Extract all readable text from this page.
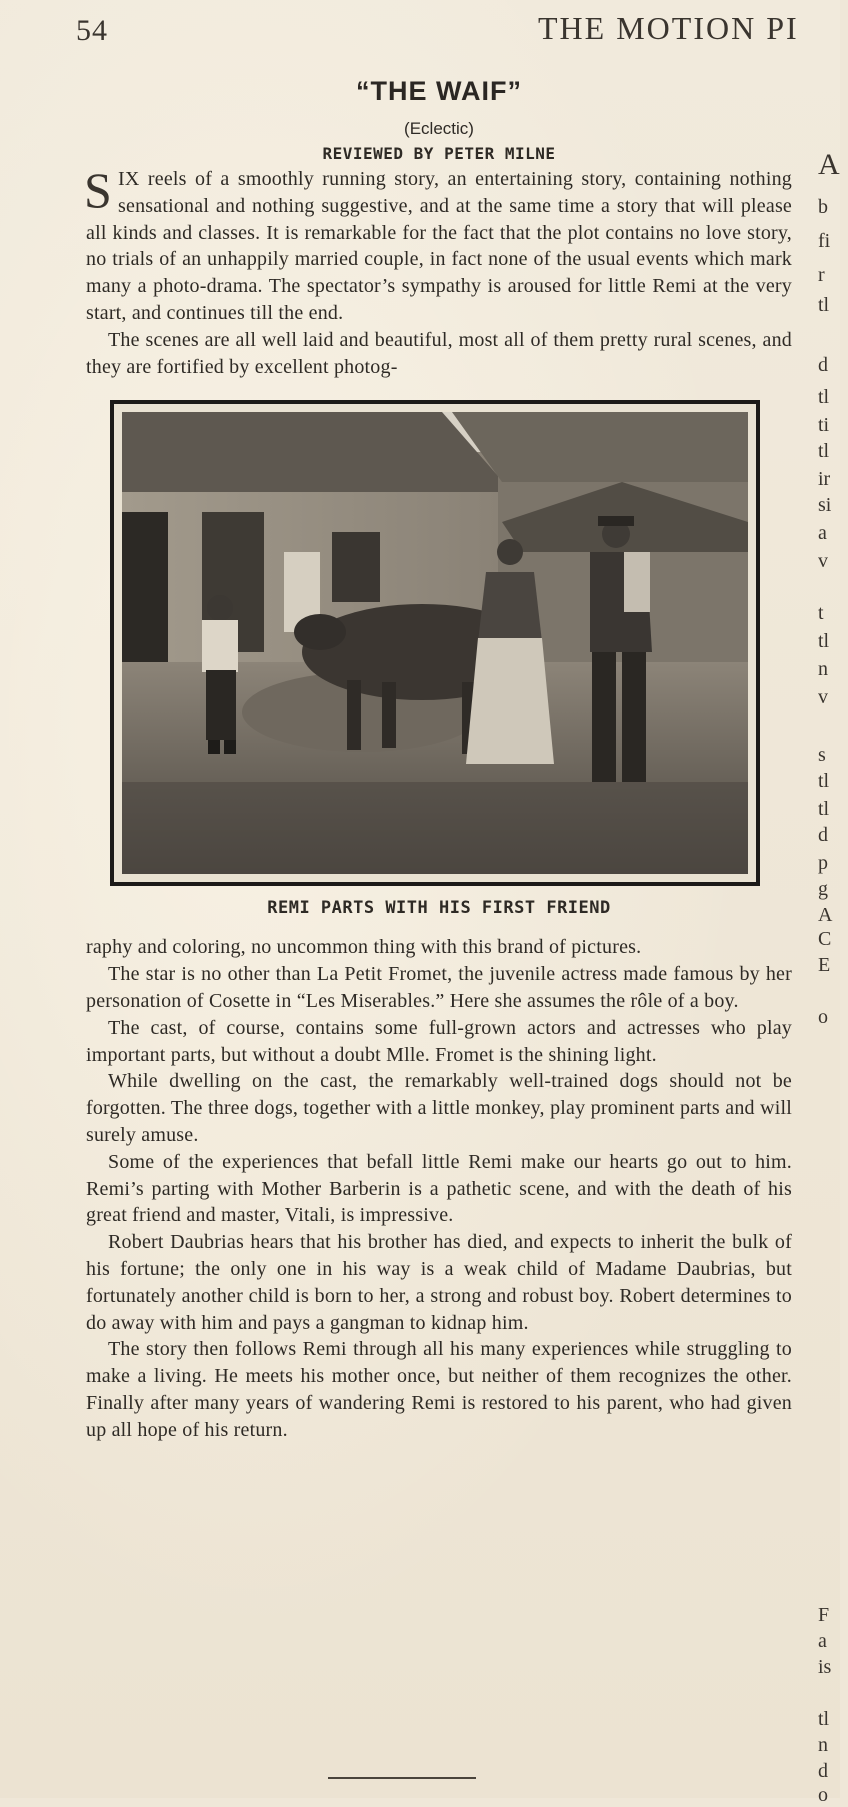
54	THE MOTION PI
“THE WAIF”
(Eclectic)
REVIEWED BY PETER MILNE

SIX reels of a smoothly running story, an entertaining story, containing nothing sensational and nothing suggestive, and at the same time a story that will please all kinds and classes. It is remarkable for the fact that the plot contains no love story, no trials of an unhappily married couple, in fact none of the usual events which mark many a photo-drama. The spectator’s sympathy is aroused for little Remi at the very start, and continues till the end.

The scenes are all well laid and beautiful, most all of them pretty rural scenes, and they are fortified by excellent photog-

REMI PARTS WITH HIS FIRST FRIEND

raphy and coloring, no uncommon thing with this brand of pictures.

The star is no other than La Petit Fromet, the juvenile actress made famous by her personation of Cosette in “Les Miserables.” Here she assumes the rôle of a boy.

The cast, of course, contains some full-grown actors and actresses who play important parts, but without a doubt Mlle. Fromet is the shining light.

While dwelling on the cast, the remarkably well-trained dogs should not be forgotten. The three dogs, together with a little monkey, play prominent parts and will surely amuse.

Some of the experiences that befall little Remi make our hearts go out to him. Remi’s parting with Mother Barberin is a pathetic scene, and with the death of his great friend and master, Vitali, is impressive.

Robert Daubrias hears that his brother has died, and expects to inherit the bulk of his fortune; the only one in his way is a weak child of Madame Daubrias, but fortunately another child is born to her, a strong and robust boy. Robert determines to do away with him and pays a gangman to kidnap him.

The story then follows Remi through all his many experiences while struggling to make a living. He meets his mother once, but neither of them recognizes the other. Finally after many years of wandering Remi is restored to his parent, who had given up all hope of his return.

A
b
fi
r
tl
d
tl
ti
tl
ir
si
a
v
t
tl
n
v
s
tl
tl
d
p
g
A
C
E
o
F
a
is
tl
n
d
o
